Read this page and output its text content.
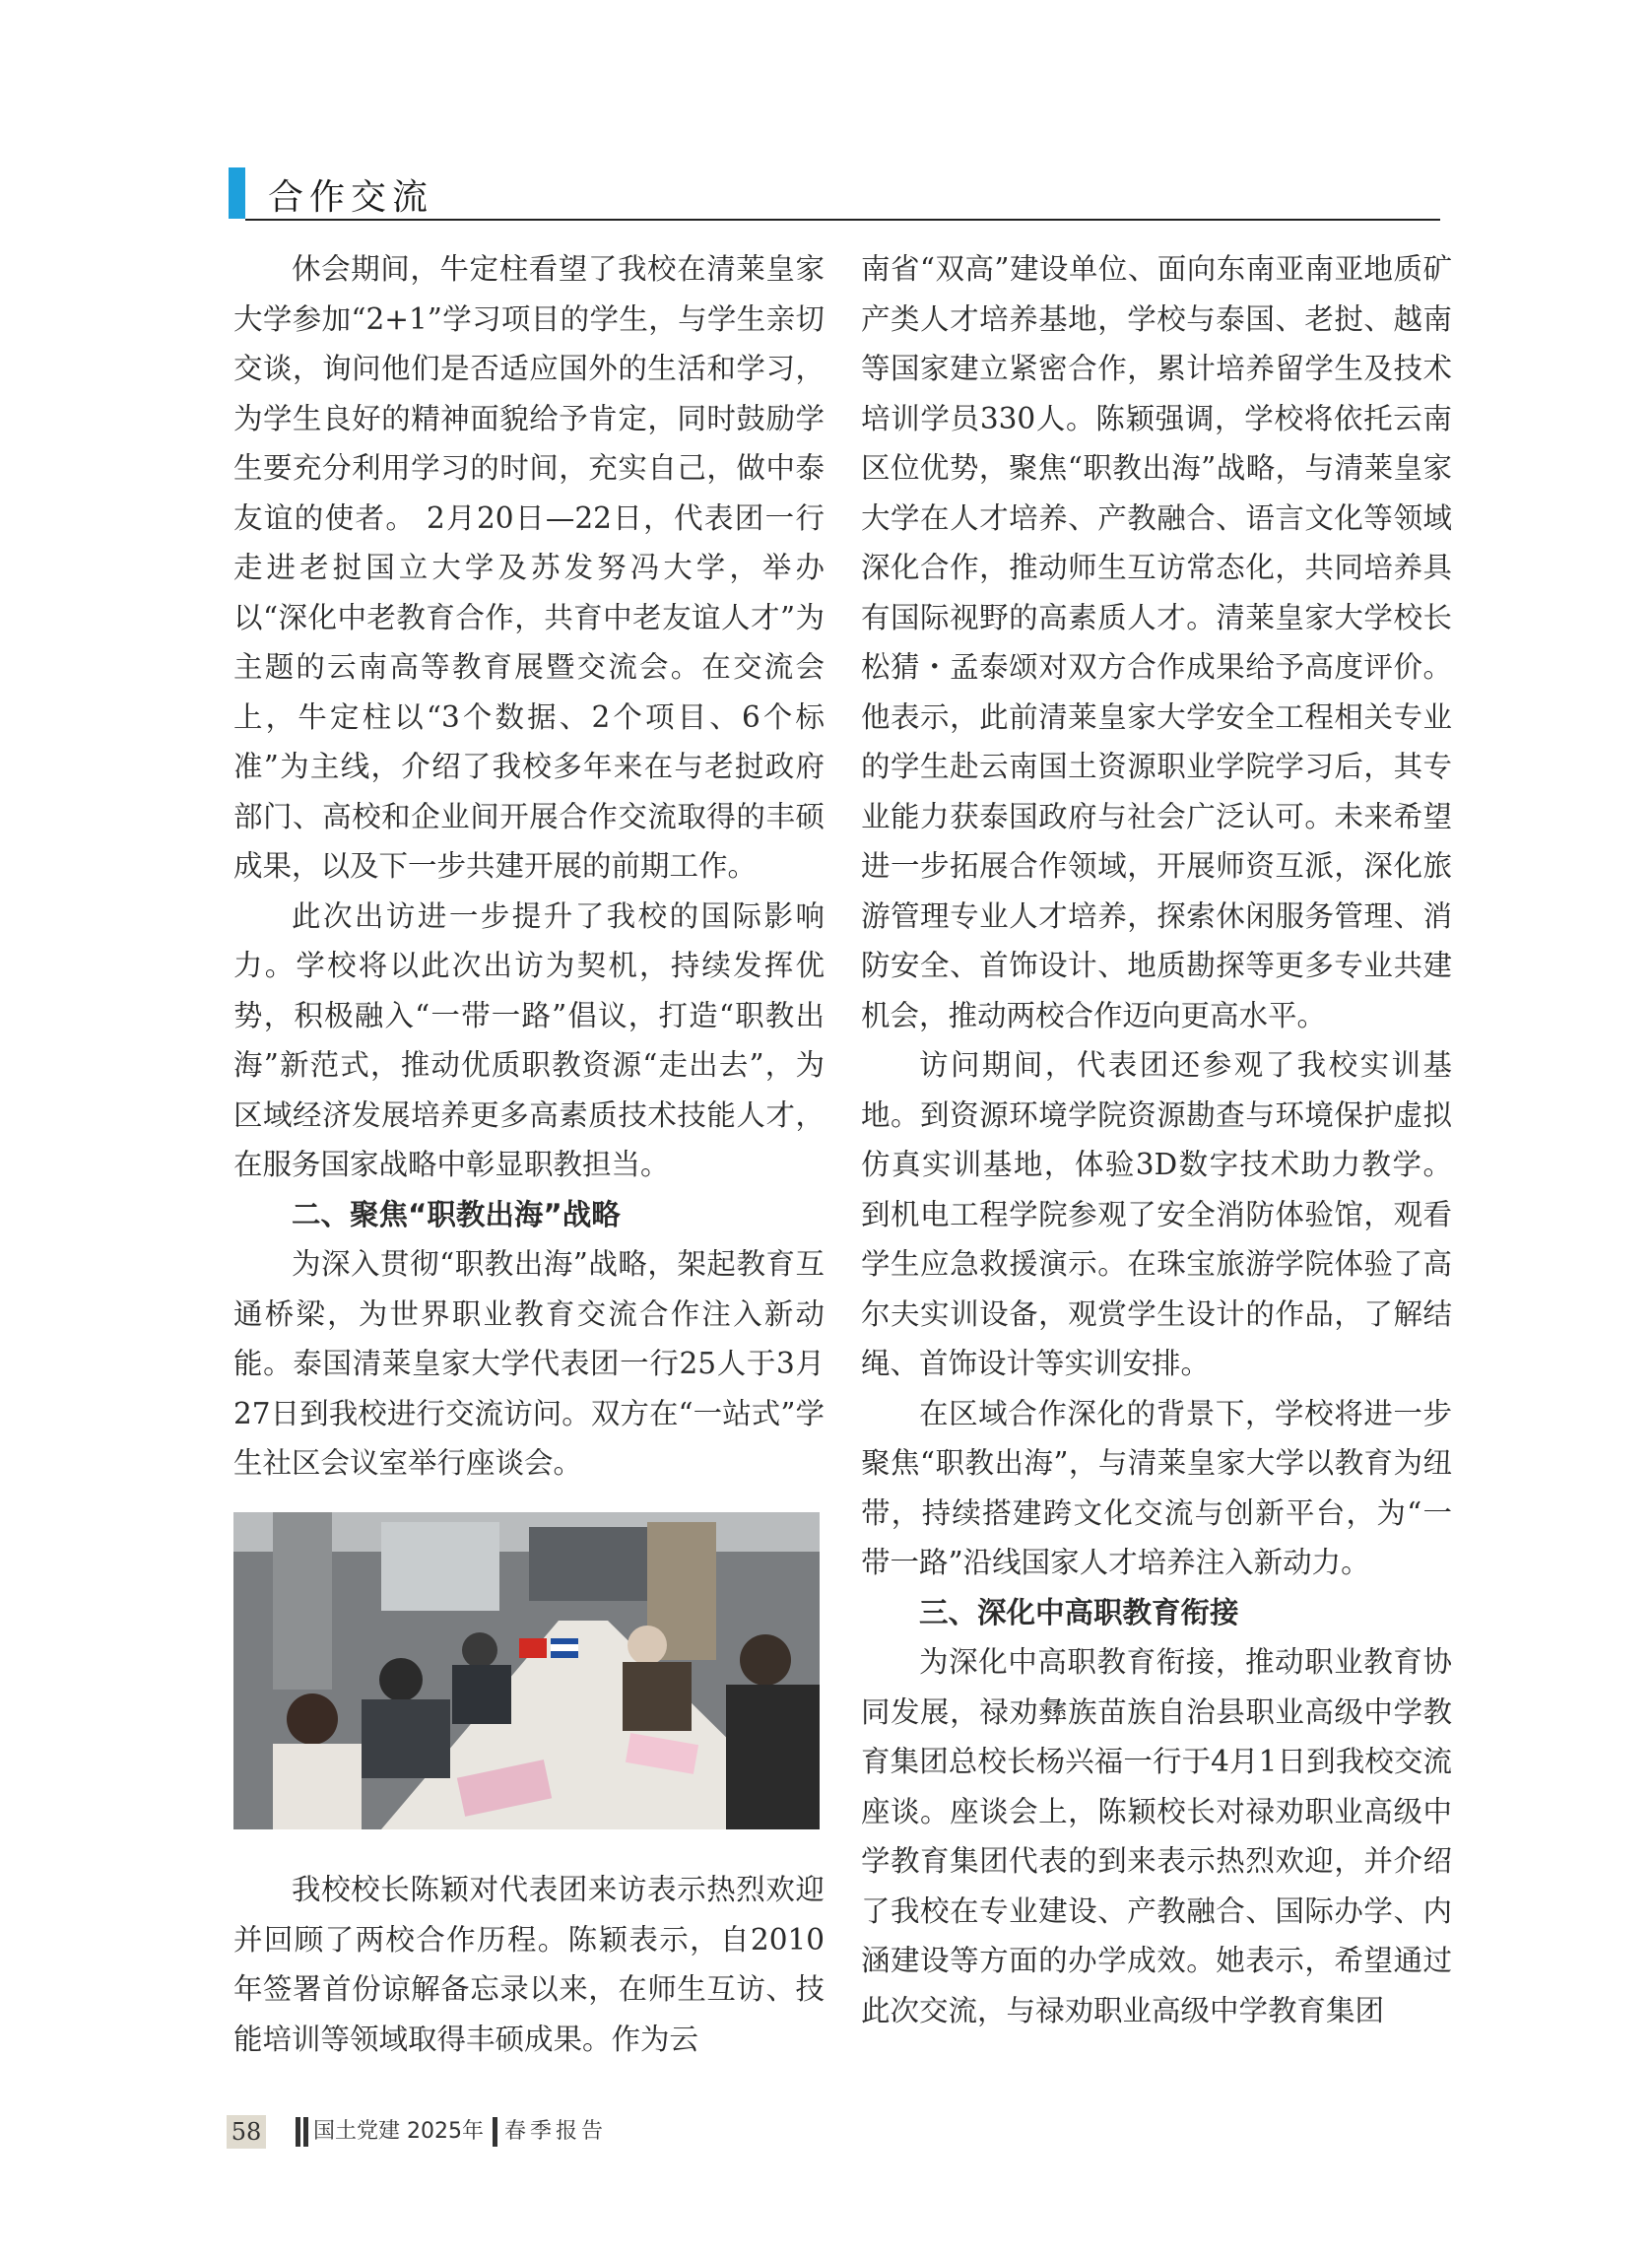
合作交流

休会期间，牛定柱看望了我校在清莱皇家大学参加“2+1”学习项目的学生，与学生亲切交谈，询问他们是否适应国外的生活和学习，为学生良好的精神面貌给予肯定，同时鼓励学生要充分利用学习的时间，充实自己，做中泰友谊的使者。 2月20日—22日，代表团一行走进老挝国立大学及苏发努冯大学，举办以“深化中老教育合作，共育中老友谊人才”为主题的云南高等教育展暨交流会。在交流会上，牛定柱以“3个数据、2个项目、6个标准”为主线，介绍了我校多年来在与老挝政府部门、高校和企业间开展合作交流取得的丰硕成果，以及下一步共建开展的前期工作。

此次出访进一步提升了我校的国际影响力。学校将以此次出访为契机，持续发挥优势，积极融入“一带一路”倡议，打造“职教出海”新范式，推动优质职教资源“走出去”，为区域经济发展培养更多高素质技术技能人才，在服务国家战略中彰显职教担当。

二、聚焦“职教出海”战略

为深入贯彻“职教出海”战略，架起教育互通桥梁，为世界职业教育交流合作注入新动能。泰国清莱皇家大学代表团一行25人于3月27日到我校进行交流访问。双方在“一站式”学生社区会议室举行座谈会。

我校校长陈颖对代表团来访表示热烈欢迎并回顾了两校合作历程。陈颖表示，自2010年签署首份谅解备忘录以来，在师生互访、技能培训等领域取得丰硕成果。作为云

南省“双高”建设单位、面向东南亚南亚地质矿产类人才培养基地，学校与泰国、老挝、越南等国家建立紧密合作，累计培养留学生及技术培训学员330人。陈颖强调，学校将依托云南区位优势，聚焦“职教出海”战略，与清莱皇家大学在人才培养、产教融合、语言文化等领域深化合作，推动师生互访常态化，共同培养具有国际视野的高素质人才。清莱皇家大学校长松猜・孟泰颂对双方合作成果给予高度评价。他表示，此前清莱皇家大学安全工程相关专业的学生赴云南国土资源职业学院学习后，其专业能力获泰国政府与社会广泛认可。未来希望进一步拓展合作领域，开展师资互派，深化旅游管理专业人才培养，探索休闲服务管理、消防安全、首饰设计、地质勘探等更多专业共建机会，推动两校合作迈向更高水平。

访问期间，代表团还参观了我校实训基地。到资源环境学院资源勘查与环境保护虚拟仿真实训基地，体验3D数字技术助力教学。到机电工程学院参观了安全消防体验馆，观看学生应急救援演示。在珠宝旅游学院体验了高尔夫实训设备，观赏学生设计的作品，了解结绳、首饰设计等实训安排。

在区域合作深化的背景下，学校将进一步聚焦“职教出海”，与清莱皇家大学以教育为纽带，持续搭建跨文化交流与创新平台，为“一带一路”沿线国家人才培养注入新动力。

三、深化中高职教育衔接

为深化中高职教育衔接，推动职业教育协同发展，禄劝彝族苗族自治县职业高级中学教育集团总校长杨兴福一行于4月1日到我校交流座谈。座谈会上，陈颖校长对禄劝职业高级中学教育集团代表的到来表示热烈欢迎，并介绍了我校在专业建设、产教融合、国际办学、内涵建设等方面的办学成效。她表示，希望通过此次交流，与禄劝职业高级中学教育集团

58 国土党建 2025年 春季报告
